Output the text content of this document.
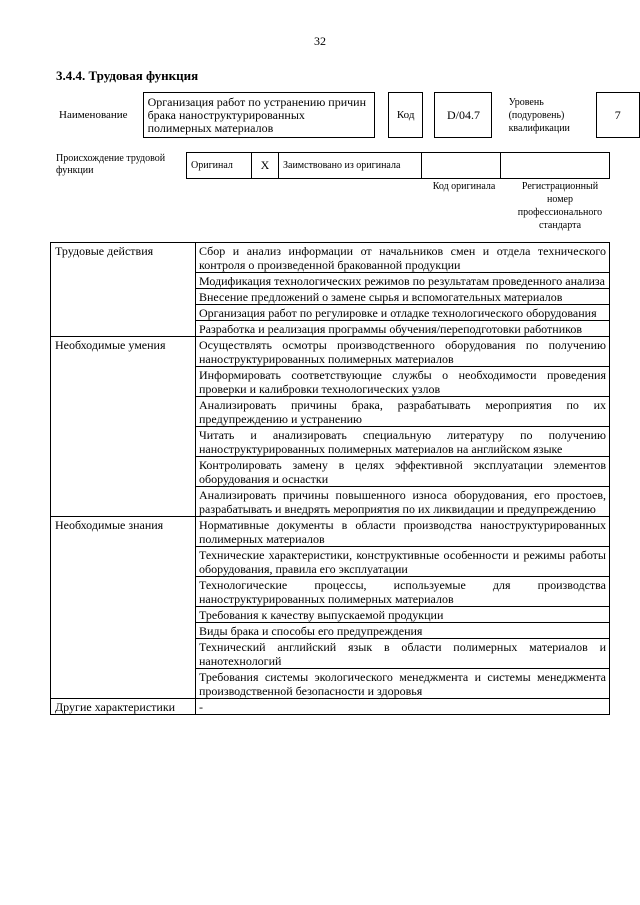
32
3.4.4. Трудовая функция
Наименование	Организация работ по устранению причин брака наноструктурированных полимерных материалов		Код		D/04.7		Уровень (подуровень) квалификации		7
Происхождение трудовой функции	Оригинал	X	Заимствовано из оригинала		
Код оригинала	Регистрационный номер профессионального стандарта
Трудовые действия	Сбор и анализ информации от начальников смен и отдела технического контроля о произведенной бракованной продукции
	Модификация технологических режимов по результатам проведенного анализа
	Внесение предложений о замене сырья и вспомогательных материалов
	Организация работ по регулировке и отладке технологического оборудования
	Разработка и реализация программы обучения/переподготовки работников
Необходимые умения	Осуществлять осмотры производственного оборудования по получению наноструктурированных полимерных материалов
	Информировать соответствующие службы о необходимости проведения проверки и калибровки технологических узлов
	Анализировать причины брака, разрабатывать мероприятия по их предупреждению и устранению
	Читать и анализировать специальную литературу по получению наноструктурированных полимерных материалов на английском языке
	Контролировать замену в целях эффективной эксплуатации элементов оборудования и оснастки
	Анализировать причины повышенного износа оборудования, его простоев, разрабатывать и внедрять мероприятия по их ликвидации и предупреждению
Необходимые знания	Нормативные документы в области производства наноструктурированных полимерных материалов
	Технические характеристики, конструктивные особенности и режимы работы оборудования, правила его эксплуатации
	Технологические процессы, используемые для производства наноструктурированных полимерных материалов
	Требования к качеству выпускаемой продукции
	Виды брака и способы его предупреждения
	Технический английский язык в области полимерных материалов и нанотехнологий
	Требования системы экологического менеджмента и системы менеджмента производственной безопасности и здоровья
Другие характеристики	-
